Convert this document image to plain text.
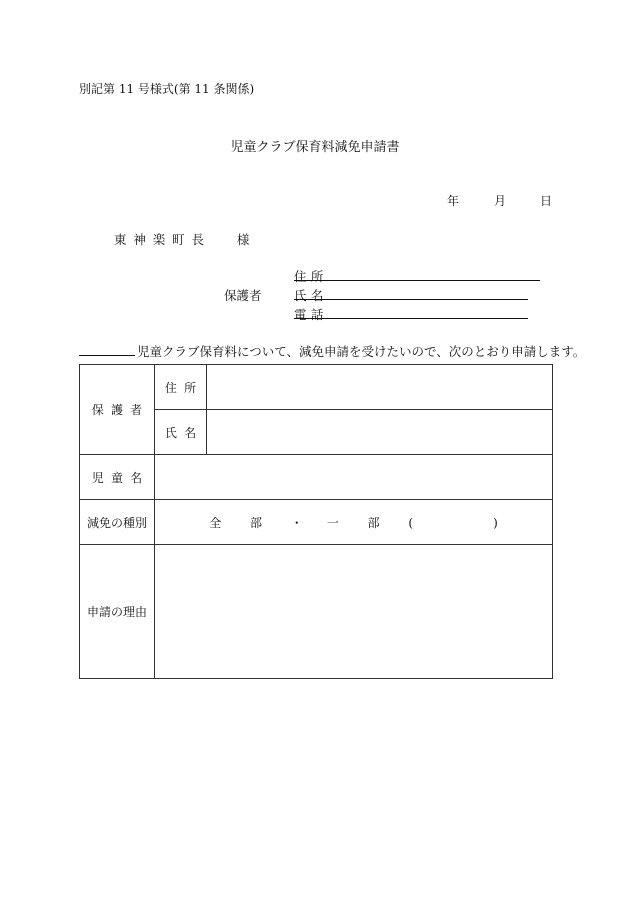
別記第 11 号様式(第 11 条関係)
児童クラブ保育料減免申請書
年	月	日
東神楽町長 様
保護者
住所
氏名
電話
児童クラブ保育料について、減免申請を受けたいので、次のとおり申請します。
保護者	住所	
	氏名	
児童名		
減免の種別	全部・ 一部( )	
申請の理由		
